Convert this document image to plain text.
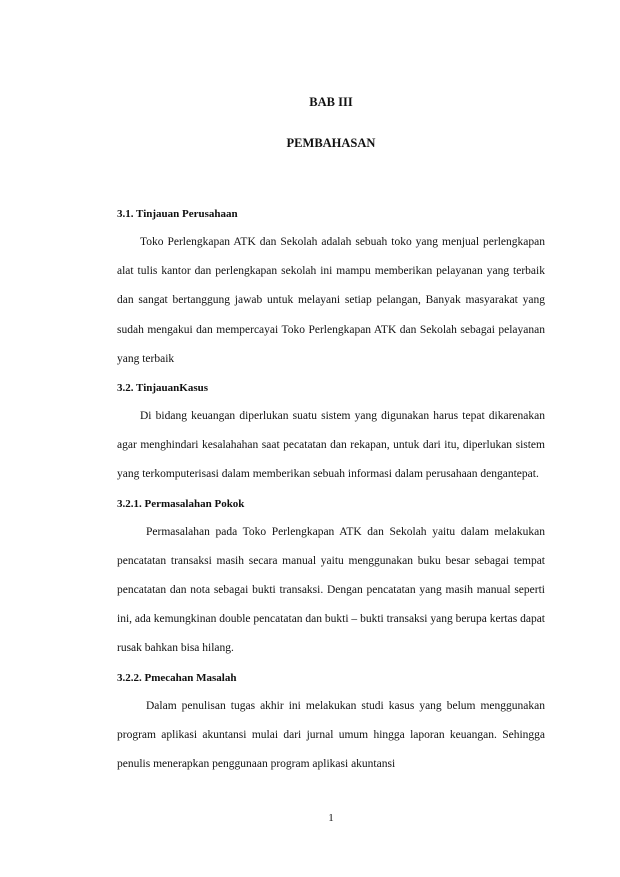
BAB III
PEMBAHASAN
3.1. Tinjauan Perusahaan

Toko Perlengkapan ATK dan Sekolah adalah sebuah toko yang menjual perlengkapan alat tulis kantor dan perlengkapan sekolah ini mampu memberikan pelayanan yang terbaik dan sangat bertanggung jawab untuk melayani setiap pelangan, Banyak masyarakat yang sudah mengakui dan mempercayai Toko Perlengkapan ATK dan Sekolah sebagai pelayanan yang terbaik

3.2. TinjauanKasus

Di bidang keuangan diperlukan suatu sistem yang digunakan harus tepat dikarenakan agar menghindari kesalahahan saat pecatatan dan rekapan, untuk dari itu, diperlukan sistem yang terkomputerisasi dalam memberikan sebuah informasi dalam perusahaan dengantepat.

3.2.1. Permasalahan Pokok

Permasalahan pada Toko Perlengkapan ATK dan Sekolah yaitu dalam melakukan pencatatan transaksi masih secara manual yaitu menggunakan buku besar sebagai tempat pencatatan dan nota sebagai bukti transaksi. Dengan pencatatan yang masih manual seperti ini, ada kemungkinan double pencatatan dan bukti – bukti transaksi yang berupa kertas dapat rusak bahkan bisa hilang.

3.2.2. Pmecahan Masalah

Dalam penulisan tugas akhir ini melakukan studi kasus yang belum menggunakan program aplikasi akuntansi mulai dari jurnal umum hingga laporan keuangan. Sehingga penulis menerapkan penggunaan program aplikasi akuntansi

1
